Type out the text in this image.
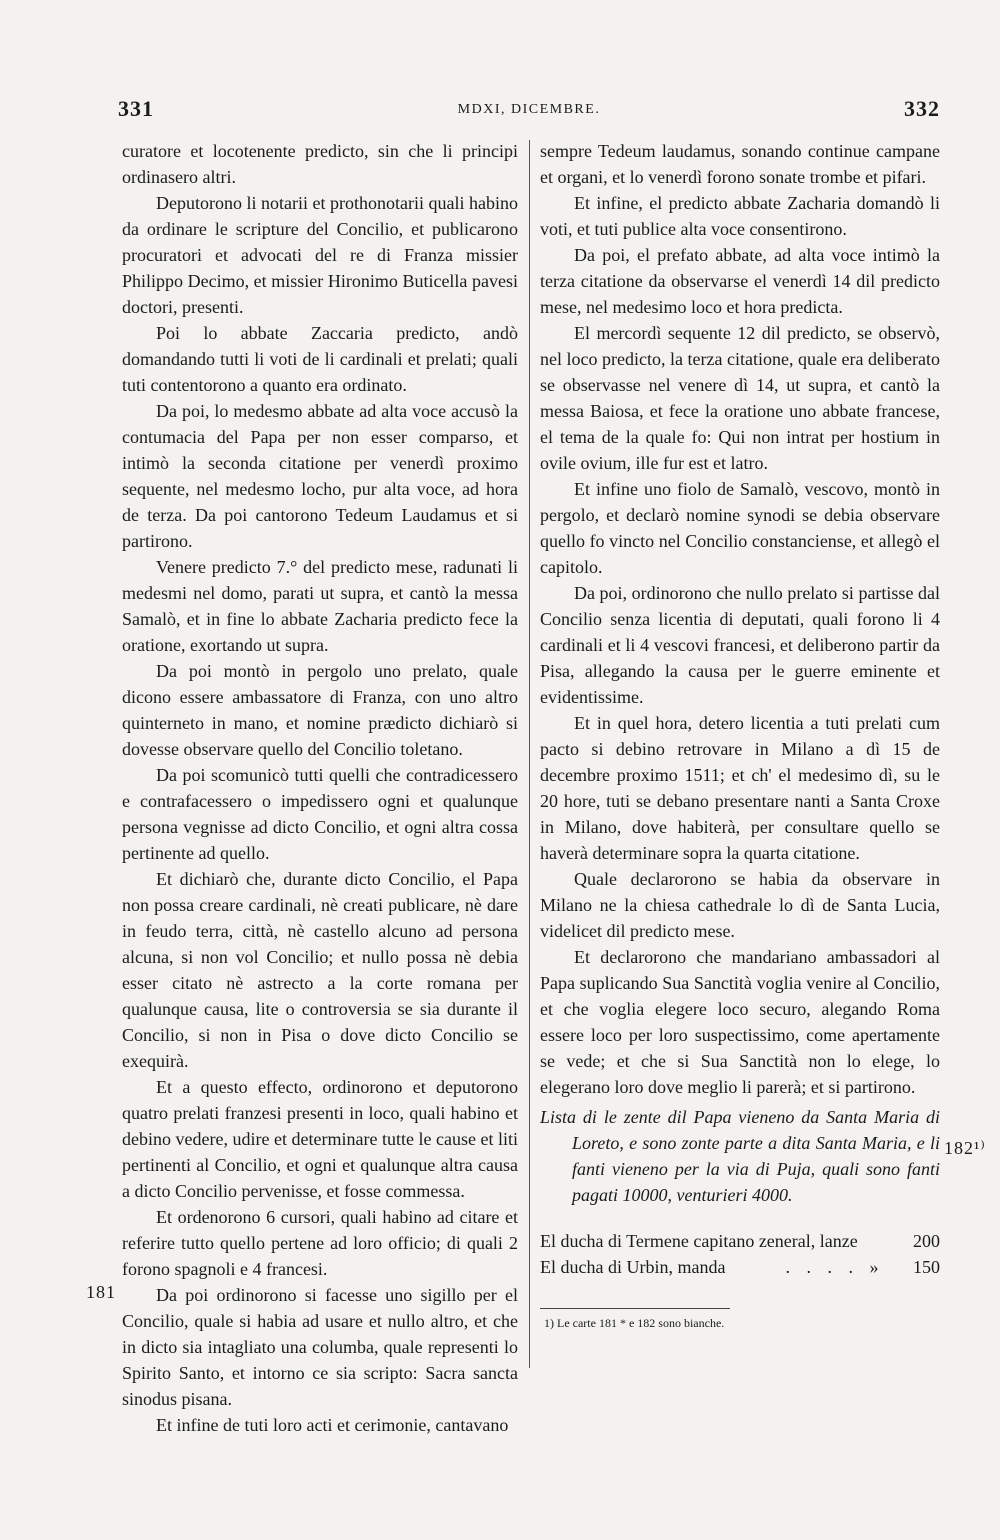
331	MDXI, DICEMBRE.	332
181
182¹⁾

curatore et locotenente predicto, sin che li principi ordinasero altri.

Deputorono li notarii et prothonotarii quali habino da ordinare le scripture del Concilio, et publicarono procuratori et advocati del re di Franza missier Philippo Decimo, et missier Hironimo Buticella pavesi doctori, presenti.

Poi lo abbate Zaccaria predicto, andò domandando tutti li voti de li cardinali et prelati; quali tuti contentorono a quanto era ordinato.

Da poi, lo medesmo abbate ad alta voce accusò la contumacia del Papa per non esser comparso, et intimò la seconda citatione per venerdì proximo sequente, nel medesmo locho, pur alta voce, ad hora de terza. Da poi cantorono Tedeum Laudamus et si partirono.

Venere predicto 7.° del predicto mese, radunati li medesmi nel domo, parati ut supra, et cantò la messa Samalò, et in fine lo abbate Zacharia predicto fece la oratione, exortando ut supra.

Da poi montò in pergolo uno prelato, quale dicono essere ambassatore di Franza, con uno altro quinterneto in mano, et nomine prædicto dichiarò si dovesse observare quello del Concilio toletano.

Da poi scomunicò tutti quelli che contradicessero e contrafacessero o impedissero ogni et qualunque persona vegnisse ad dicto Concilio, et ogni altra cossa pertinente ad quello.

Et dichiarò che, durante dicto Concilio, el Papa non possa creare cardinali, nè creati publicare, nè dare in feudo terra, città, nè castello alcuno ad persona alcuna, si non vol Concilio; et nullo possa nè debia esser citato nè astrecto a la corte romana per qualunque causa, lite o controversia se sia durante il Concilio, si non in Pisa o dove dicto Concilio se exequirà.

Et a questo effecto, ordinorono et deputorono quatro prelati franzesi presenti in loco, quali habino et debino vedere, udire et determinare tutte le cause et liti pertinenti al Concilio, et ogni et qualunque altra causa a dicto Concilio pervenisse, et fosse commessa.

Et ordenorono 6 cursori, quali habino ad citare et referire tutto quello pertene ad loro officio; di quali 2 forono spagnoli e 4 francesi.

Da poi ordinorono si facesse uno sigillo per el Concilio, quale si habia ad usare et nullo altro, et che in dicto sia intagliato una columba, quale representi lo Spirito Santo, et intorno ce sia scripto: Sacra sancta sinodus pisana.

Et infine de tuti loro acti et cerimonie, cantavano

sempre Tedeum laudamus, sonando continue campane et organi, et lo venerdì forono sonate trombe et pifari.

Et infine, el predicto abbate Zacharia domandò li voti, et tuti publice alta voce consentirono.

Da poi, el prefato abbate, ad alta voce intimò la terza citatione da observarse el venerdì 14 dil predicto mese, nel medesimo loco et hora predicta.

El mercordì sequente 12 dil predicto, se observò, nel loco predicto, la terza citatione, quale era deliberato se observasse nel venere dì 14, ut supra, et cantò la messa Baiosa, et fece la oratione uno abbate francese, el tema de la quale fo: Qui non intrat per hostium in ovile ovium, ille fur est et latro.

Et infine uno fiolo de Samalò, vescovo, montò in pergolo, et declarò nomine synodi se debia observare quello fo vincto nel Concilio constanciense, et allegò el capitolo.

Da poi, ordinorono che nullo prelato si partisse dal Concilio senza licentia di deputati, quali forono li 4 cardinali et li 4 vescovi francesi, et deliberono partir da Pisa, allegando la causa per le guerre eminente et evidentissime.

Et in quel hora, detero licentia a tuti prelati cum pacto si debino retrovare in Milano a dì 15 de decembre proximo 1511; et ch' el medesimo dì, su le 20 hore, tuti se debano presentare nanti a Santa Croxe in Milano, dove habiterà, per consultare quello se haverà determinare sopra la quarta citatione.

Quale declarorono se habia da observare in Milano ne la chiesa cathedrale lo dì de Santa Lucia, videlicet dil predicto mese.

Et declarorono che mandariano ambassadori al Papa suplicando Sua Sanctità voglia venire al Concilio, et che voglia elegere loco securo, alegando Roma essere loco per loro suspectissimo, come apertamente se vede; et che si Sua Sanctità non lo elege, lo elegerano loro dove meglio li parerà; et si partirono.

Lista di le zente dil Papa vieneno da Santa Maria di Loreto, e sono zonte parte a dita Santa Maria, e li fanti vieneno per la via di Puja, quali sono fanti pagati 10000, venturieri 4000.

El ducha di Termene capitano zeneral, lanze	200
El ducha di Urbin, manda	. . . . »	150
1) Le carte 181 * e 182 sono bianche.
